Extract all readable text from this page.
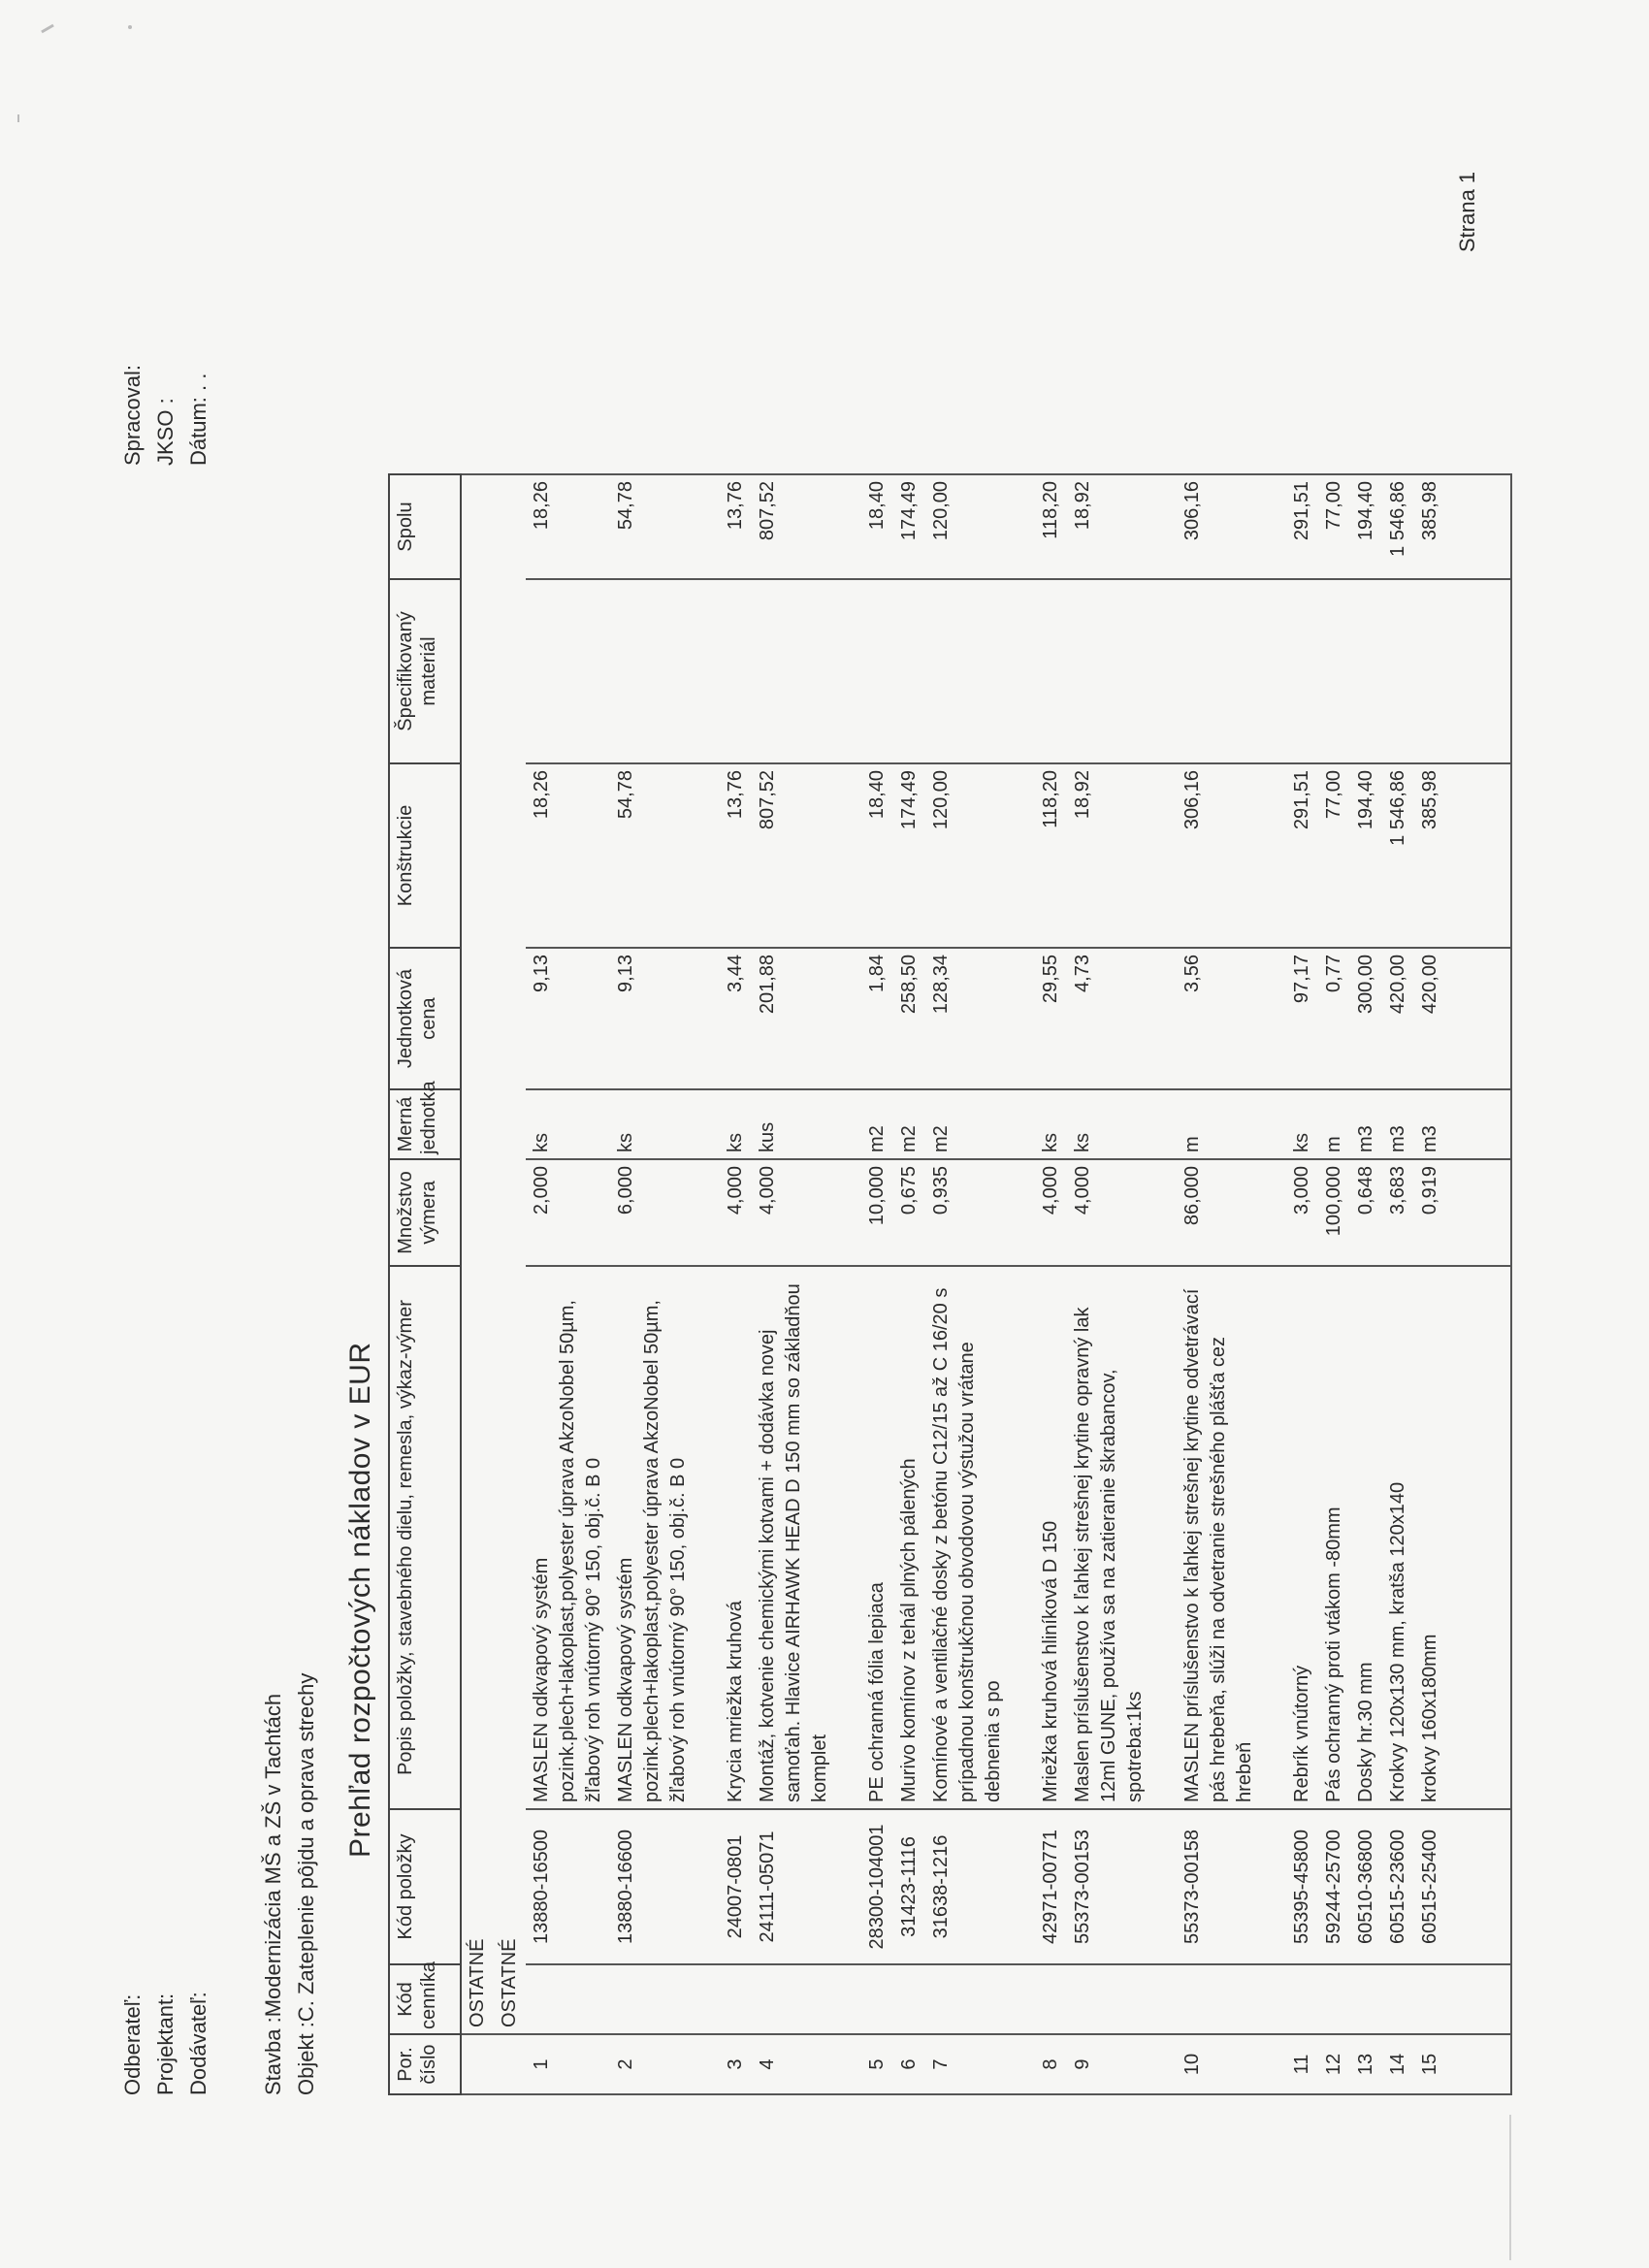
Odberateľ: Projektant: Dodávateľ:
Spracoval: JKSO : Dátum: . .
Stavba :Modernizácia MŠ a ZŠ v Tachtách Objekt :C. Zateplenie pôjdu a oprava strechy
Prehľad rozpočtových nákladov v EUR
Por. číslo	Kód cenníka	Kód položky	Popis položky, stavebného dielu, remesla, výkaz-výmer	Množstvo výmera	Merná jednotka	Jednotková cena	Konštrukcie	Špecifikovaný materiál	Spolu
	OSTATNÉ								
	OSTATNÉ								
1		13880-16500	MASLEN odkvapový systém pozink.plech+lakoplast,polyester úprava AkzoNobel 50µm, žľabový roh vnútorný 90° 150, obj.č. B 0	2,000	ks	9,13	18,26		18,26
2		13880-16600	MASLEN odkvapový systém pozink.plech+lakoplast,polyester úprava AkzoNobel 50µm, žľabový roh vnútorný 90° 150, obj.č. B 0	6,000	ks	9,13	54,78		54,78

3		24007-0801	Krycia mriežka kruhová	4,000	ks	3,44	13,76		13,76
4		24111-05071	Montáž, kotvenie chemickými kotvami + dodávka novej samoťah. Hlavice AIRHAWK HEAD D 150 mm so základňou komplet	4,000	kus	201,88	807,52		807,52

5		28300-104001	PE ochranná fólia lepiaca	10,000	m2	1,84	18,40		18,40
6		31423-1116	Murivo komínov z tehál plných pálených	0,675	m2	258,50	174,49		174,49
7		31638-1216	Komínové a ventilačné dosky z betónu C12/15 až C 16/20 s prípadnou konštrukčnou obvodovou výstužou vrátane debnenia s po	0,935	m2	128,34	120,00		120,00

8		42971-00771	Mriežka kruhová hliníková D 150	4,000	ks	29,55	118,20		118,20
9		55373-00153	Maslen príslušenstvo k ľahkej strešnej krytine opravný lak 12ml GUNE, používa sa na zatieranie škrabancov, spotreba:1ks	4,000	ks	4,73	18,92		18,92

10		55373-00158	MASLEN príslušenstvo k ľahkej strešnej krytine odvetrávací pás hrebeňa, slúži na odvetranie strešného plášťa cez hrebeň	86,000	m	3,56	306,16		306,16

11		55395-45800	Rebrík vnútorný	3,000	ks	97,17	291,51		291,51
12		59244-25700	Pás ochranný proti vtákom -80mm	100,000	m	0,77	77,00		77,00
13		60510-36800	Dosky hr.30 mm	0,648	m3	300,00	194,40		194,40
14		60515-23600	Krokvy 120x130 mm, kratša 120x140	3,683	m3	420,00	1 546,86		1 546,86
15		60515-25400	krokvy 160x180mm	0,919	m3	420,00	385,98		385,98

Strana 1
